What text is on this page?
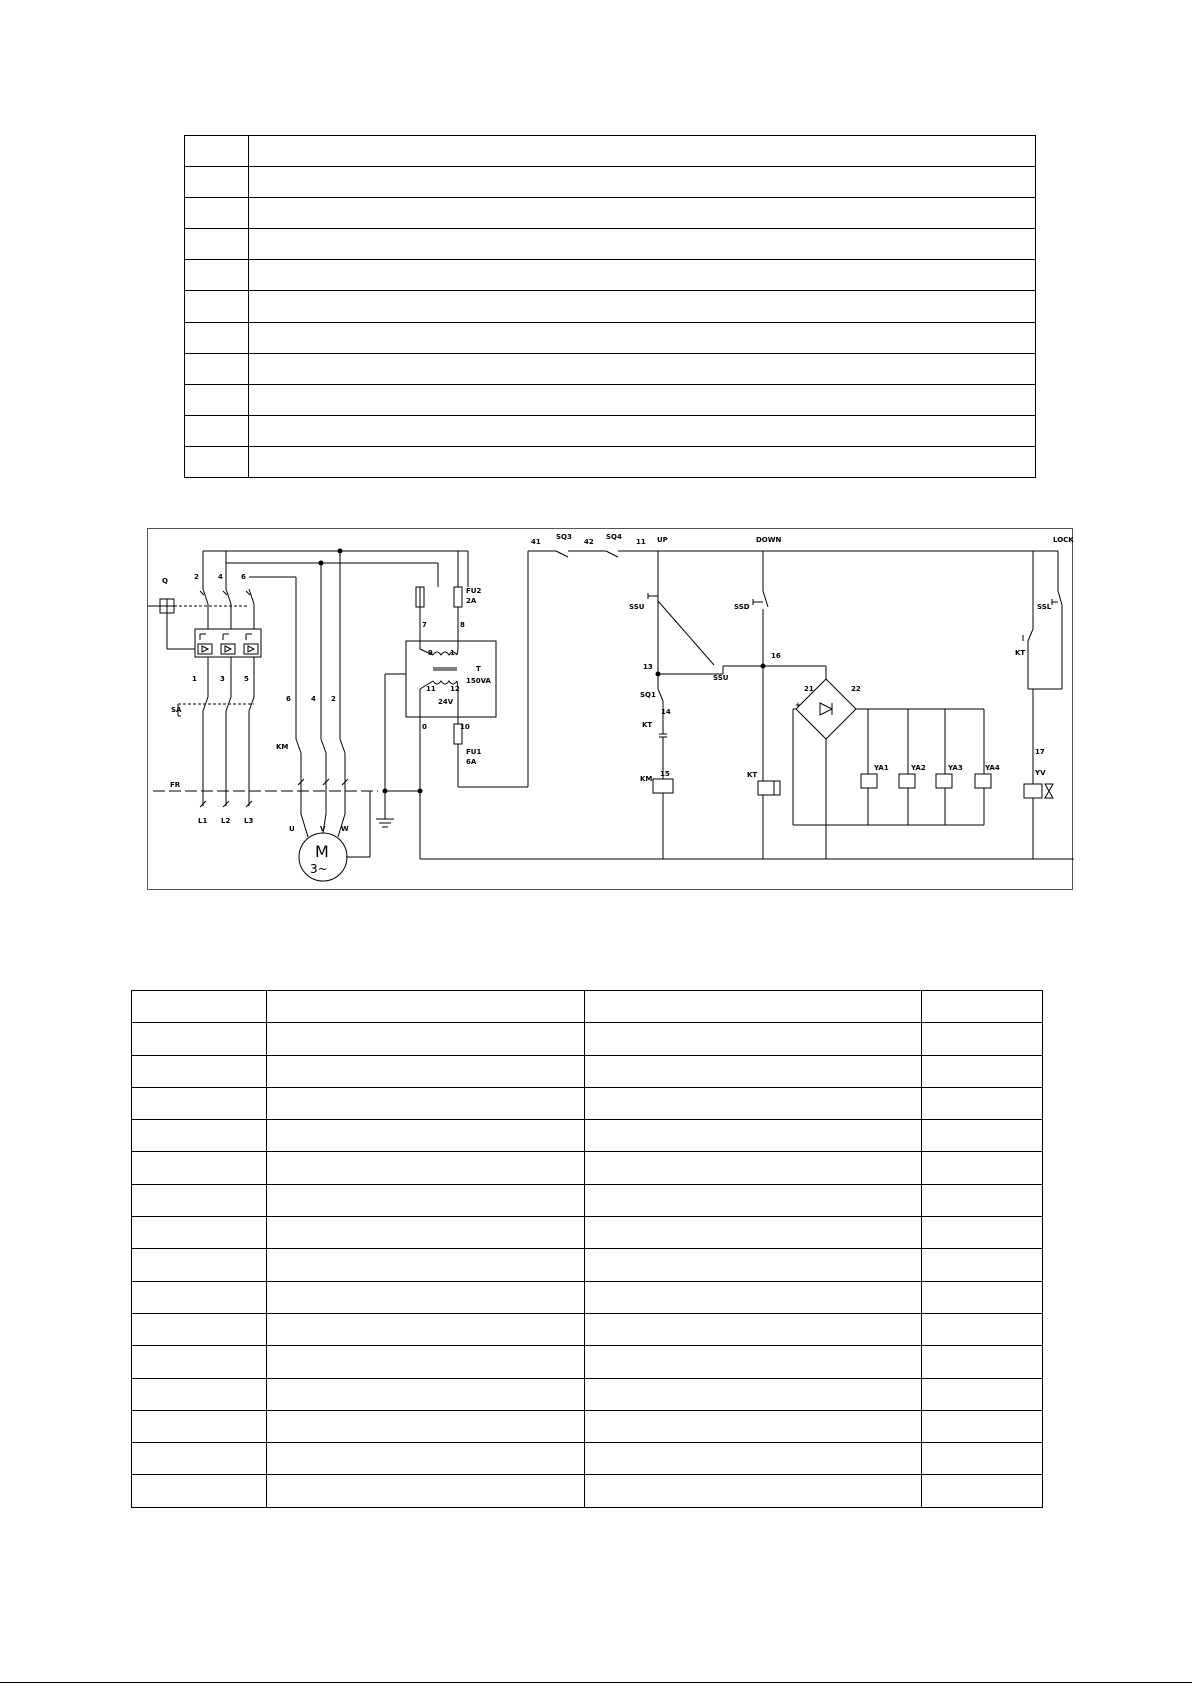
Q	2	4	6
1	3	5
SA
KM
FR
6	4 2
L1 L2 L3
U	V W
M
3~
7	8
FU2
2A
9 1
T
150VA
11 12
24V
0	10
FU1
6A
41
SQ3
42
SQ4
11 UP	DOWN	LOCK
SSU	SSD	SSL
13
SSU
16
SQ1
14
KT
KM
15	KT
21	22
+
YA1	YA2	YA3	YA4
KT
17
YV
